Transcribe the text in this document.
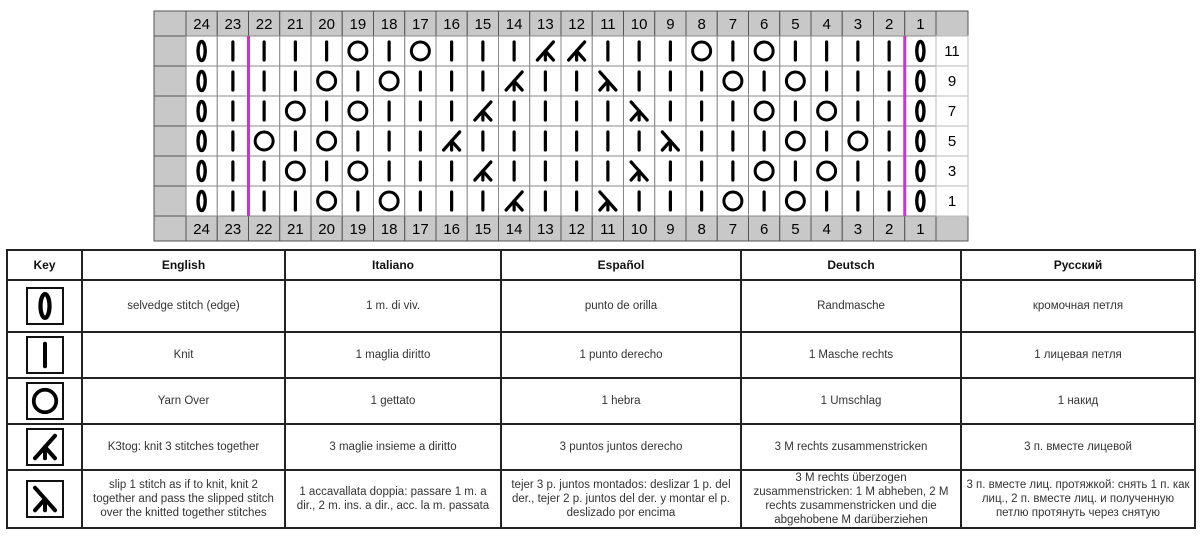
24
24
23
23
22
22
21
21
20
20
19
19
18
18
17
17
16
16
15
15
14
14
13
13
12
12
11
11
10
10
9
9
8
8
7
7
6
6
5
5
4
4
3
3
2
2
1
1
11
9
7
5
3
1
Key	English	Italiano	Español	Deutsch	Русский

	selvedge stitch (edge)	1 m. di viv.	punto de orilla	Randmasche	кромочная петля

	Knit	1 maglia diritto	1 punto derecho	1 Masche rechts	1 лицевая петля

	Yarn Over	1 gettato	1 hebra	1 Umschlag	1 накид

	K3tog: knit 3 stitches together	3 maglie insieme a diritto	3 puntos juntos derecho	3 M rechts zusammenstricken	3 п. вместе лицевой

	slip 1 stitch as if to knit, knit 2 together and pass the slipped stitch over the knitted together stitches	1 accavallata doppia: passare 1 m. a dir., 2 m. ins. a dir., acc. la m. passata	tejer 3 p. juntos montados: deslizar 1 p. del der., tejer 2 p. juntos del der. y montar el p. deslizado por encima	3 M rechts überzogen zusammenstricken: 1 M abheben, 2 M rechts zusammenstricken und die abgehobene M darüberziehen	3 п. вместе лиц. протяжкой: снять 1 п. как лиц., 2 п. вместе лиц. и полученную петлю протянуть через снятую
